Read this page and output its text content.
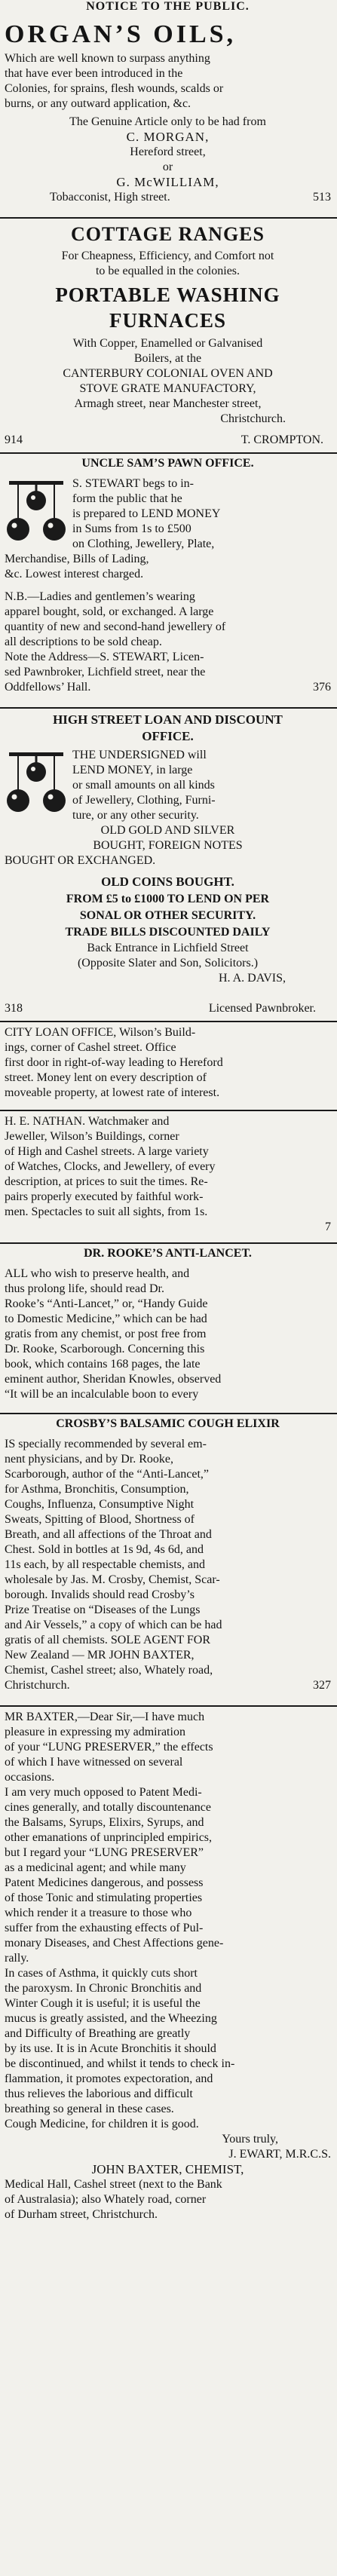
NOTICE TO THE PUBLIC.
ORGAN’S OILS,
Which are well known to surpass anything
that have ever been introduced in the
Colonies, for sprains, flesh wounds, scalds or
burns, or any outward application, &c.
The Genuine Article only to be had from
C. MORGAN,
Hereford street,
or
G. McWILLIAM,
Tobacconist, High street.	513
COTTAGE RANGES
For Cheapness, Efficiency, and Comfort not
to be equalled in the colonies.
PORTABLE WASHING
FURNACES
With Copper, Enamelled or Galvanised
Boilers, at the
CANTERBURY COLONIAL OVEN AND
STOVE GRATE MANUFACTORY,
Armagh street, near Manchester street,
Christchurch.
914	T. CROMPTON.
UNCLE SAM’S PAWN OFFICE.
S. STEWART begs to in-
form the public that he
is prepared to LEND MONEY
in Sums from 1s to £500
on Clothing, Jewellery, Plate,
Merchandise, Bills of Lading,
&c. Lowest interest charged.
N.B.—Ladies and gentlemen’s wearing
apparel bought, sold, or exchanged. A large
quantity of new and second-hand jewellery of
all descriptions to be sold cheap.
Note the Address—S. STEWART, Licen-
sed Pawnbroker, Lichfield street, near the
Oddfellows’ Hall.	376
HIGH STREET LOAN AND DISCOUNT
OFFICE.
THE UNDERSIGNED will
LEND MONEY, in large
or small amounts on all kinds
of Jewellery, Clothing, Furni-
ture, or any other security.
OLD GOLD AND SILVER
BOUGHT, FOREIGN NOTES
BOUGHT OR EXCHANGED.
OLD COINS BOUGHT.
FROM £5 to £1000 TO LEND ON PER
SONAL OR OTHER SECURITY.
TRADE BILLS DISCOUNTED DAILY
Back Entrance in Lichfield Street
(Opposite Slater and Son, Solicitors.)
H. A. DAVIS,
318	Licensed Pawnbroker.
CITY LOAN OFFICE, Wilson’s Build-
ings, corner of Cashel street. Office
first door in right-of-way leading to Hereford
street. Money lent on every description of
moveable property, at lowest rate of interest.
H. E. NATHAN. Watchmaker and
Jeweller, Wilson’s Buildings, corner
of High and Cashel streets. A large variety
of Watches, Clocks, and Jewellery, of every
description, at prices to suit the times. Re-
pairs properly executed by faithful work-
men. Spectacles to suit all sights, from 1s.
7
DR. ROOKE’S ANTI-LANCET.
ALL who wish to preserve health, and
thus prolong life, should read Dr.
Rooke’s “Anti-Lancet,” or, “Handy Guide
to Domestic Medicine,” which can be had
gratis from any chemist, or post free from
Dr. Rooke, Scarborough. Concerning this
book, which contains 168 pages, the late
eminent author, Sheridan Knowles, observed
“It will be an incalculable boon to every
CROSBY’S BALSAMIC COUGH ELIXIR
IS specially recommended by several em-
nent physicians, and by Dr. Rooke,
Scarborough, author of the “Anti-Lancet,”
for Asthma, Bronchitis, Consumption,
Coughs, Influenza, Consumptive Night
Sweats, Spitting of Blood, Shortness of
Breath, and all affections of the Throat and
Chest. Sold in bottles at 1s 9d, 4s 6d, and
11s each, by all respectable chemists, and
wholesale by Jas. M. Crosby, Chemist, Scar-
borough. Invalids should read Crosby’s
Prize Treatise on “Diseases of the Lungs
and Air Vessels,” a copy of which can be had
gratis of all chemists. SOLE AGENT FOR
New Zealand — MR JOHN BAXTER,
Chemist, Cashel street; also, Whately road,
Christchurch.	327
MR BAXTER,—Dear Sir,—I have much
pleasure in expressing my admiration
of your “LUNG PRESERVER,” the effects
of which I have witnessed on several
occasions.
I am very much opposed to Patent Medi-
cines generally, and totally discountenance
the Balsams, Syrups, Elixirs, Syrups, and
other emanations of unprincipled empirics,
but I regard your “LUNG PRESERVER”
as a medicinal agent; and while many
Patent Medicines dangerous, and possess
of those Tonic and stimulating properties
which render it a treasure to those who
suffer from the exhausting effects of Pul-
monary Diseases, and Chest Affections gene-
rally.
In cases of Asthma, it quickly cuts short
the paroxysm. In Chronic Bronchitis and
Winter Cough it is useful; it is useful the
mucus is greatly assisted, and the Wheezing
and Difficulty of Breathing are greatly
by its use. It is in Acute Bronchitis it should
be discontinued, and whilst it tends to check in-
flammation, it promotes expectoration, and
thus relieves the laborious and difficult
breathing so general in these cases.
Cough Medicine, for children it is good.
Yours truly,
J. EWART, M.R.C.S.
JOHN BAXTER, CHEMIST,
Medical Hall, Cashel street (next to the Bank
of Australasia); also Whately road, corner
of Durham street, Christchurch.
